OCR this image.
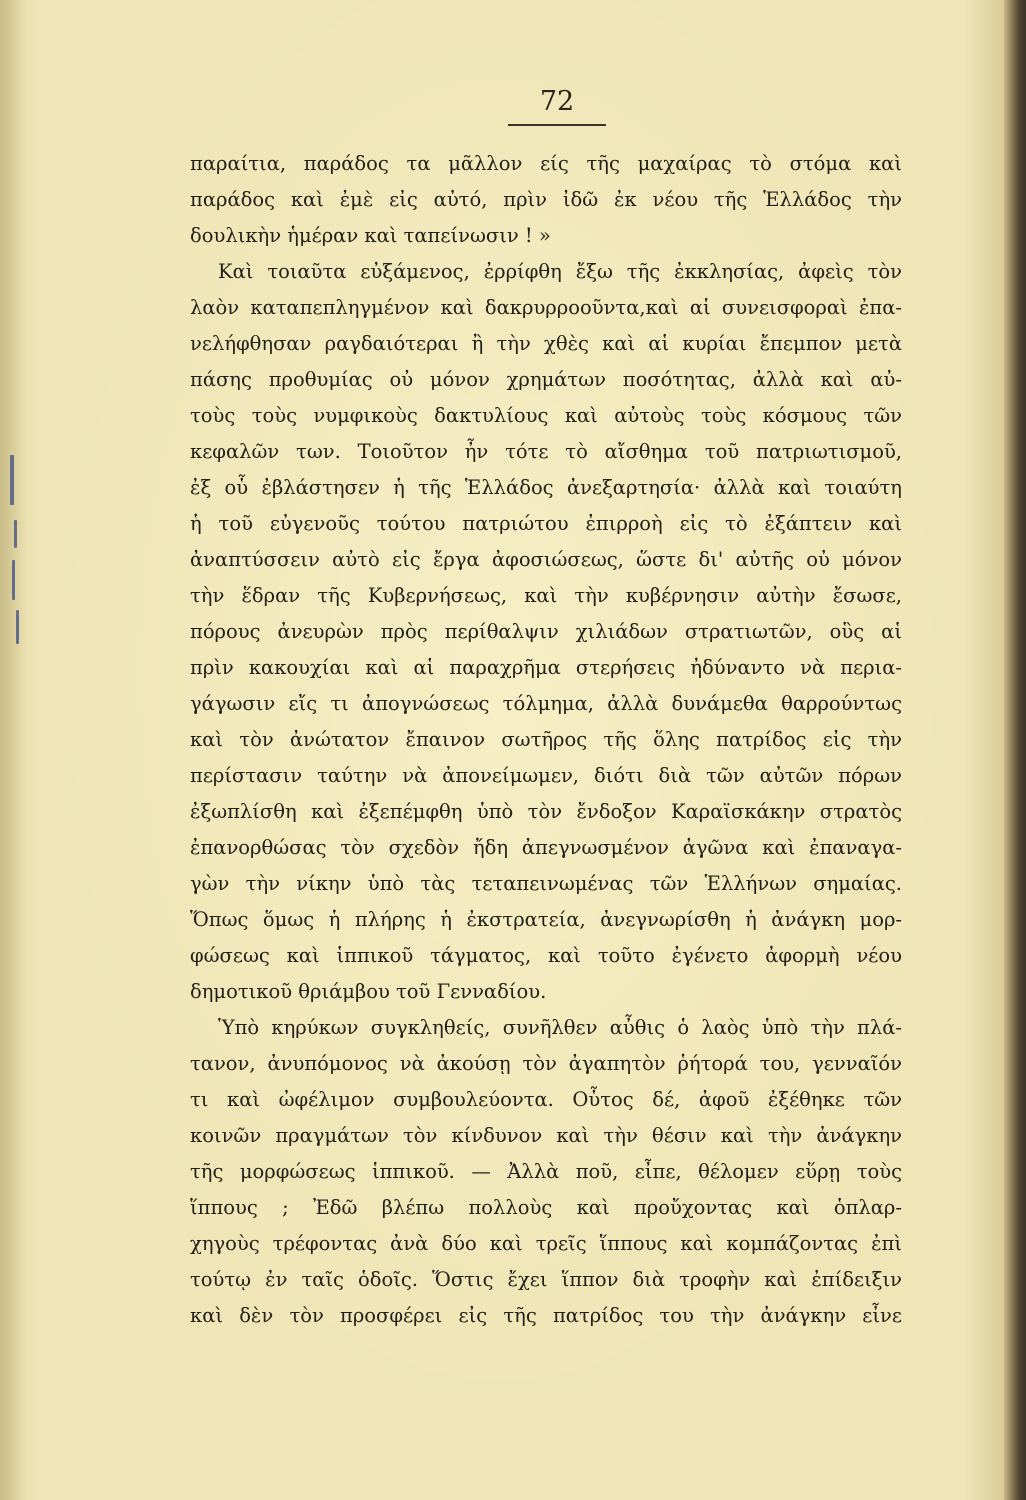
72
παραίτια, παράδος τα μᾶλλον είς τῆς μαχαίρας τὸ στόμα καὶ
παράδος καὶ ἐμὲ εἰς αὐτό, πρὶν ἰδῶ ἐκ νέου τῆς Ἑλλάδος τὴν
δουλικὴν ἡμέραν καὶ ταπείνωσιν ! »
Καὶ τοιαῦτα εὐξάμενος, ἐρρίφθη ἔξω τῆς ἐκκλησίας, ἀφεὶς τὸν
λαὸν καταπεπληγμένον καὶ δακρυρροοῦντα,καὶ αἱ συνεισφοραὶ ἐπα-
νελήφθησαν ραγδαιότεραι ἢ τὴν χθὲς καὶ αἱ κυρίαι ἔπεμπον μετὰ
πάσης προθυμίας οὐ μόνον χρημάτων ποσότητας, ἀλλὰ καὶ αὐ-
τοὺς τοὺς νυμφικοὺς δακτυλίους καὶ αὐτοὺς τοὺς κόσμους τῶν
κεφαλῶν των. Τοιοῦτον ἦν τότε τὸ αἴσθημα τοῦ πατριωτισμοῦ,
ἐξ οὗ ἐβλάστησεν ἡ τῆς Ἑλλάδος ἀνεξαρτησία· ἀλλὰ καὶ τοιαύτη
ἡ τοῦ εὐγενοῦς τούτου πατριώτου ἐπιρροὴ εἰς τὸ ἐξάπτειν καὶ
ἀναπτύσσειν αὐτὸ εἰς ἔργα ἀφοσιώσεως, ὥστε δι' αὐτῆς οὐ μόνον
τὴν ἕδραν τῆς Κυβερνήσεως, καὶ τὴν κυβέρνησιν αὐτὴν ἔσωσε,
πόρους ἀνευρὼν πρὸς περίθαλψιν χιλιάδων στρατιωτῶν, οὓς αἱ
πρὶν κακουχίαι καὶ αἱ παραχρῆμα στερήσεις ἠδύναντο νὰ περια-
γάγωσιν εἴς τι ἀπογνώσεως τόλμημα, ἀλλὰ δυνάμεθα θαρρούντως
καὶ τὸν ἀνώτατον ἔπαινον σωτῆρος τῆς ὅλης πατρίδος εἰς τὴν
περίστασιν ταύτην νὰ ἀπονείμωμεν, διότι διὰ τῶν αὐτῶν πόρων
ἐξωπλίσθη καὶ ἐξεπέμφθη ὑπὸ τὸν ἔνδοξον Καραϊσκάκην στρατὸς
ἐπανορθώσας τὸν σχεδὸν ἤδη ἀπεγνωσμένον ἀγῶνα καὶ ἐπαναγα-
γὼν τὴν νίκην ὑπὸ τὰς τεταπεινωμένας τῶν Ἑλλήνων σημαίας.
Ὅπως ὅμως ἡ πλήρης ἡ ἐκστρατεία, ἀνεγνωρίσθη ἡ ἀνάγκη μορ-
φώσεως καὶ ἱππικοῦ τάγματος, καὶ τοῦτο ἐγένετο ἀφορμὴ νέου
δημοτικοῦ θριάμβου τοῦ Γενναδίου.
Ὑπὸ κηρύκων συγκληθείς, συνῆλθεν αὖθις ὁ λαὸς ὑπὸ τὴν πλά-
τανον, ἀνυπόμονος νὰ ἀκούσῃ τὸν ἀγαπητὸν ῥήτορά του, γενναῖόν
τι καὶ ὠφέλιμον συμβουλεύοντα. Οὗτος δέ, ἀφοῦ ἐξέθηκε τῶν
κοινῶν πραγμάτων τὸν κίνδυνον καὶ τὴν θέσιν καὶ τὴν ἀνάγκην
τῆς μορφώσεως ἱππικοῦ. — Ἀλλὰ ποῦ, εἶπε, θέλομεν εὕρῃ τοὺς
ἵππους ; Ἐδῶ βλέπω πολλοὺς καὶ προὔχοντας καὶ ὁπλαρ-
χηγοὺς τρέφοντας ἀνὰ δύο καὶ τρεῖς ἵππους καὶ κομπάζοντας ἐπὶ
τούτῳ ἐν ταῖς ὁδοῖς. Ὅστις ἔχει ἵππον διὰ τροφὴν καὶ ἐπίδειξιν
καὶ δὲν τὸν προσφέρει εἰς τῆς πατρίδος του τὴν ἀνάγκην εἶνε
